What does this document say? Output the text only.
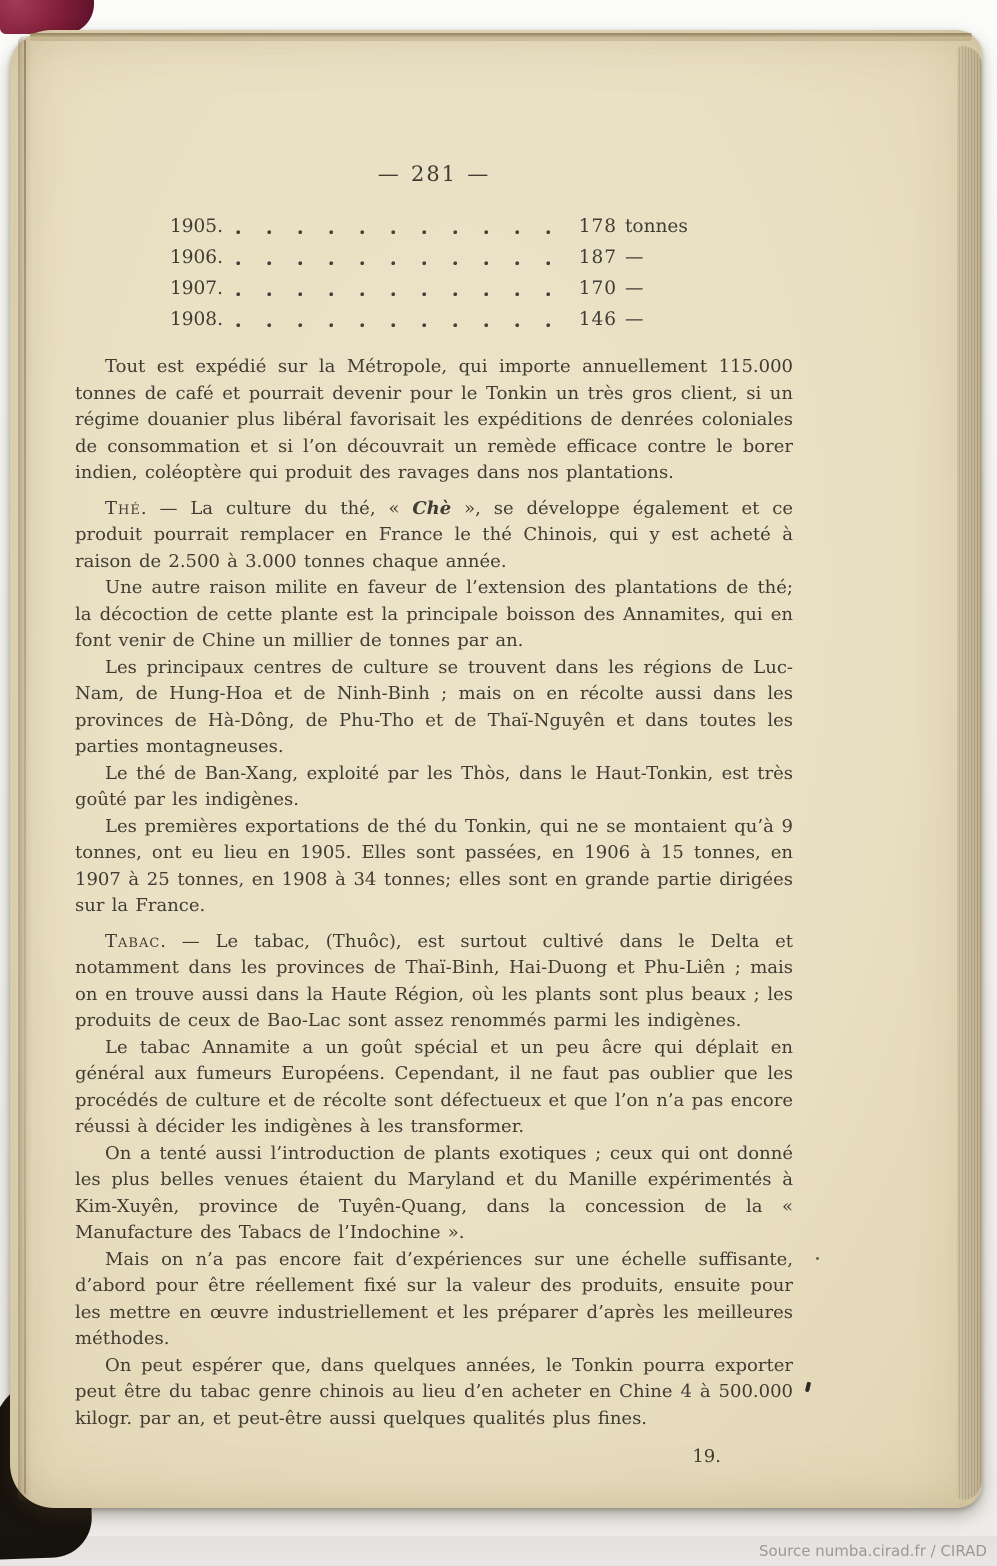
— 281 —
1905.	178 tonnes
1906.	187 —
1907.	170 —
1908.	146 —

Tout est expédié sur la Métropole, qui importe annuellement 115.000 tonnes de café et pourrait devenir pour le Tonkin un très gros client, si un régime douanier plus libéral favorisait les expéditions de denrées coloniales de consommation et si l’on découvrait un remède efficace contre le borer indien, coléoptère qui produit des ravages dans nos plantations.

Thé. — La culture du thé, « Chè », se développe également et ce produit pourrait remplacer en France le thé Chinois, qui y est acheté à raison de 2.500 à 3.000 tonnes chaque année.

Une autre raison milite en faveur de l’extension des plantations de thé; la décoction de cette plante est la principale boisson des Annamites, qui en font venir de Chine un millier de tonnes par an.

Les principaux centres de culture se trouvent dans les régions de Luc-Nam, de Hung-Hoa et de Ninh-Binh ; mais on en récolte aussi dans les provinces de Hà-Dông, de Phu-Tho et de Thaï-Nguyên et dans toutes les parties montagneuses.

Le thé de Ban-Xang, exploité par les Thòs, dans le Haut-Tonkin, est très goûté par les indigènes.

Les premières exportations de thé du Tonkin, qui ne se montaient qu’à 9 tonnes, ont eu lieu en 1905. Elles sont passées, en 1906 à 15 tonnes, en 1907 à 25 tonnes, en 1908 à 34 tonnes; elles sont en grande partie dirigées sur la France.

Tabac. — Le tabac, (Thuôc), est surtout cultivé dans le Delta et notamment dans les provinces de Thaï-Binh, Hai-Duong et Phu-Liên ; mais on en trouve aussi dans la Haute Région, où les plants sont plus beaux ; les produits de ceux de Bao-Lac sont assez renommés parmi les indigènes.

Le tabac Annamite a un goût spécial et un peu âcre qui déplait en général aux fumeurs Européens. Cependant, il ne faut pas oublier que les procédés de culture et de récolte sont défectueux et que l’on n’a pas encore réussi à décider les indigènes à les transformer.

On a tenté aussi l’introduction de plants exotiques ; ceux qui ont donné les plus belles venues étaient du Maryland et du Manille expérimentés à Kim-Xuyên, province de Tuyên-Quang, dans la concession de la « Manufacture des Tabacs de l’Indochine ».

Mais on n’a pas encore fait d’expériences sur une échelle suffisante, d’abord pour être réellement fixé sur la valeur des produits, ensuite pour les mettre en œuvre industriellement et les préparer d’après les meilleures méthodes.

On peut espérer que, dans quelques années, le Tonkin pourra exporter peut être du tabac genre chinois au lieu d’en acheter en Chine 4 à 500.000 kilogr. par an, et peut-être aussi quelques qualités plus fines.

19.
Source numba.cirad.fr / CIRAD
